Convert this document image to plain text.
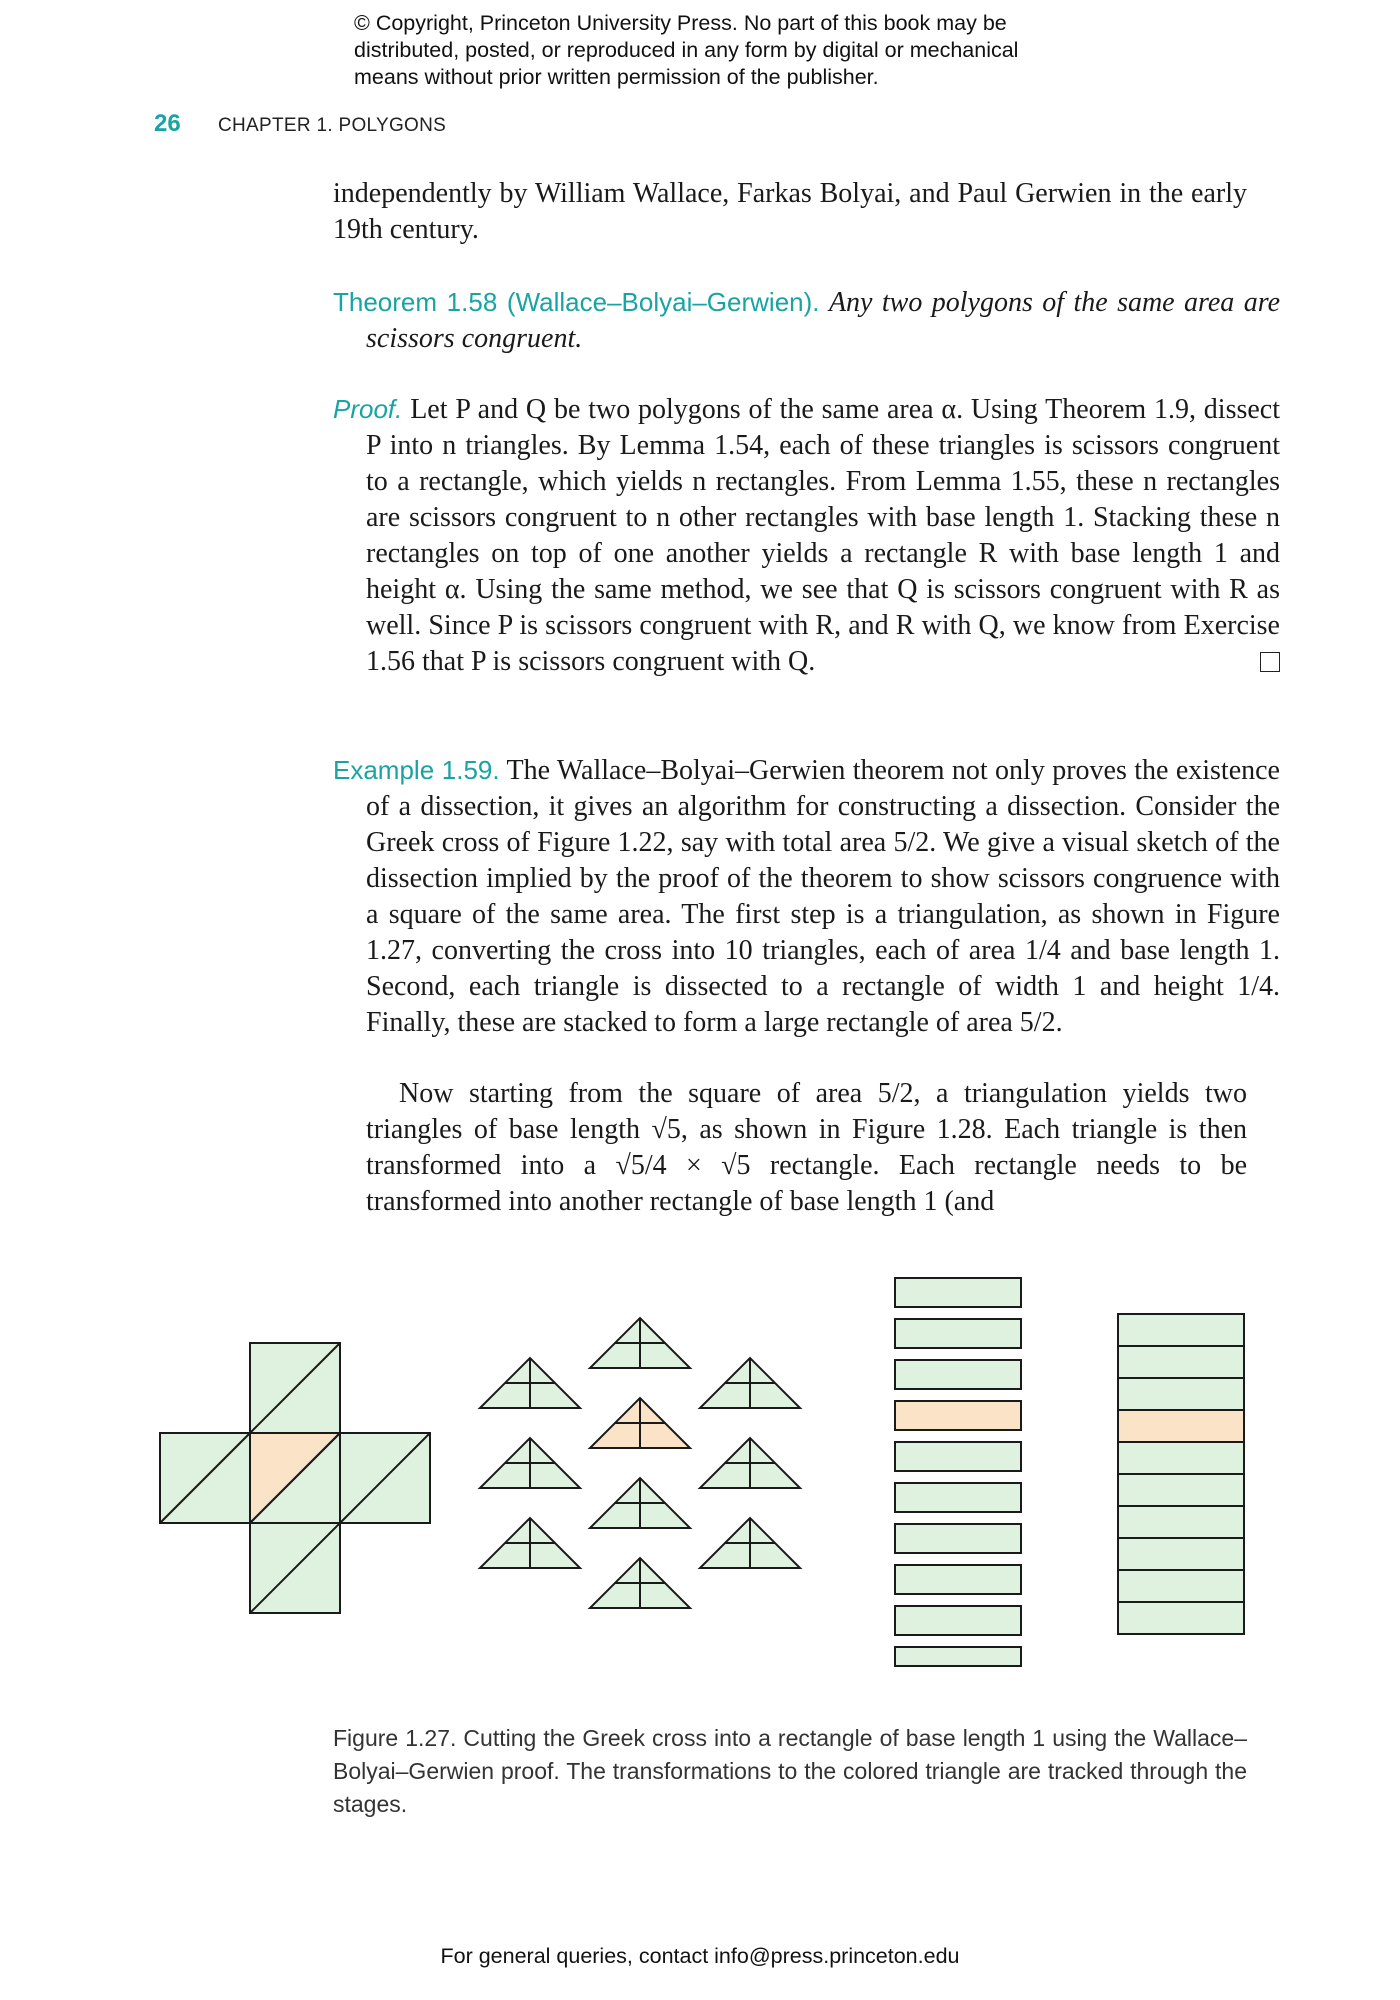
© Copyright, Princeton University Press. No part of this book may be distributed, posted, or reproduced in any form by digital or mechanical means without prior written permission of the publisher.
26	CHAPTER 1. POLYGONS
independently by William Wallace, Farkas Bolyai, and Paul Gerwien in the early 19th century.
Theorem 1.58 (Wallace–Bolyai–Gerwien). Any two polygons of the same area are scissors congruent.
Proof. Let P and Q be two polygons of the same area α. Using Theorem 1.9, dissect P into n triangles. By Lemma 1.54, each of these triangles is scissors congruent to a rectangle, which yields n rectangles. From Lemma 1.55, these n rectangles are scissors congruent to n other rectangles with base length 1. Stacking these n rectangles on top of one another yields a rectangle R with base length 1 and height α. Using the same method, we see that Q is scissors congruent with R as well. Since P is scissors congruent with R, and R with Q, we know from Exercise 1.56 that P is scissors congruent with Q.
Example 1.59. The Wallace–Bolyai–Gerwien theorem not only proves the existence of a dissection, it gives an algorithm for constructing a dissection. Consider the Greek cross of Figure 1.22, say with total area 5/2. We give a visual sketch of the dissection implied by the proof of the theorem to show scissors congruence with a square of the same area. The first step is a triangulation, as shown in Figure 1.27, converting the cross into 10 triangles, each of area 1/4 and base length 1. Second, each triangle is dissected to a rectangle of width 1 and height 1/4. Finally, these are stacked to form a large rectangle of area 5/2.

Now starting from the square of area 5/2, a triangulation yields two triangles of base length √5, as shown in Figure 1.28. Each triangle is then transformed into a √5/4 × √5 rectangle. Each rectangle needs to be transformed into another rectangle of base length 1 (and

Figure 1.27. Cutting the Greek cross into a rectangle of base length 1 using the Wallace–Bolyai–Gerwien proof. The transformations to the colored triangle are tracked through the stages.
For general queries, contact info@press.princeton.edu
